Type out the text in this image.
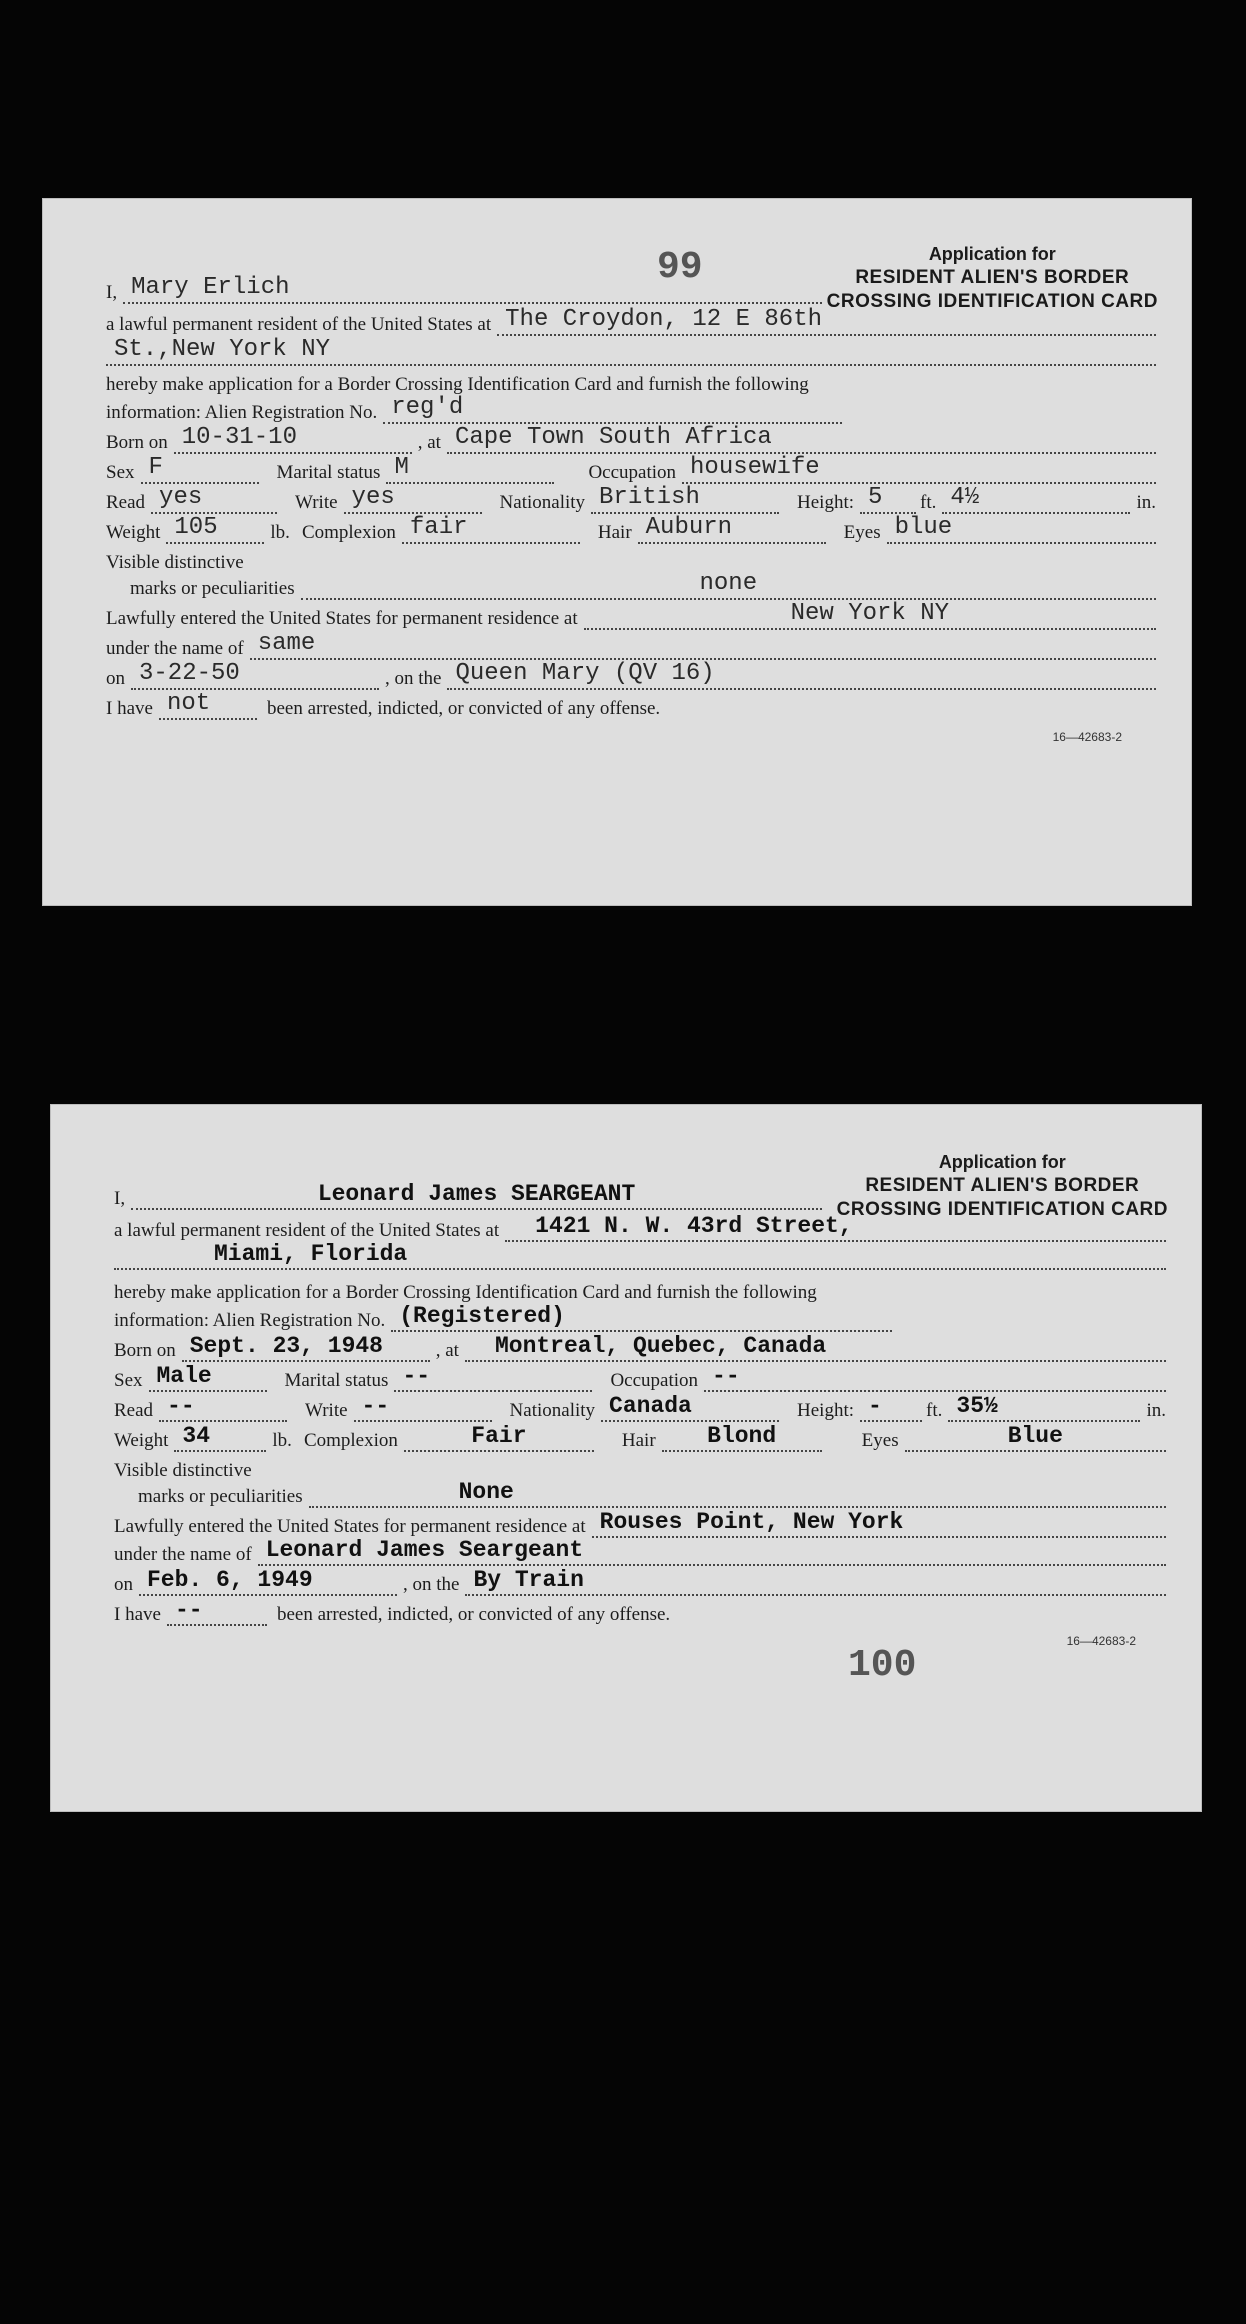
Application for
RESIDENT ALIEN'S BORDER
CROSSING IDENTIFICATION CARD
99
I, Mary Erlich
a lawful permanent resident of the United States at The Croydon, 12 E 86th
St.,New York NY
hereby make application for a Border Crossing Identification Card and furnish the following
information: Alien Registration No. reg'd
Born on 10-31-10	, at Cape Town South Africa
Sex F	Marital status M	Occupation housewife
Read yes	Write yes	Nationality British	Height: 5	ft. 4½	in.
Weight 105	lb. Complexion fair	Hair Auburn	Eyes blue
Visible distinctive
marks or peculiarities	none
Lawfully entered the United States for permanent residence at	New York NY
under the name of same
on 3-22-50	, on the Queen Mary (QV 16)
I have not	been arrested, indicted, or convicted of any offense.
16—42683-2
Application for
RESIDENT ALIEN'S BORDER
CROSSING IDENTIFICATION CARD
100
I,	Leonard James SEARGEANT
a lawful permanent resident of the United States at	1421 N. W. 43rd Street,
Miami, Florida
hereby make application for a Border Crossing Identification Card and furnish the following
information: Alien Registration No. (Registered)
Born on Sept. 23, 1948	, at	Montreal, Quebec, Canada
Sex Male	Marital status --	Occupation --
Read --	Write --	Nationality Canada	Height: -	ft. 35½	in.
Weight 34	lb. Complexion	Fair	Hair	Blond	Eyes	Blue
Visible distinctive
marks or peculiarities	None
Lawfully entered the United States for permanent residence at Rouses Point, New York
under the name of Leonard James Seargeant
on Feb. 6, 1949	, on the By Train
I have --	been arrested, indicted, or convicted of any offense.
16—42683-2
